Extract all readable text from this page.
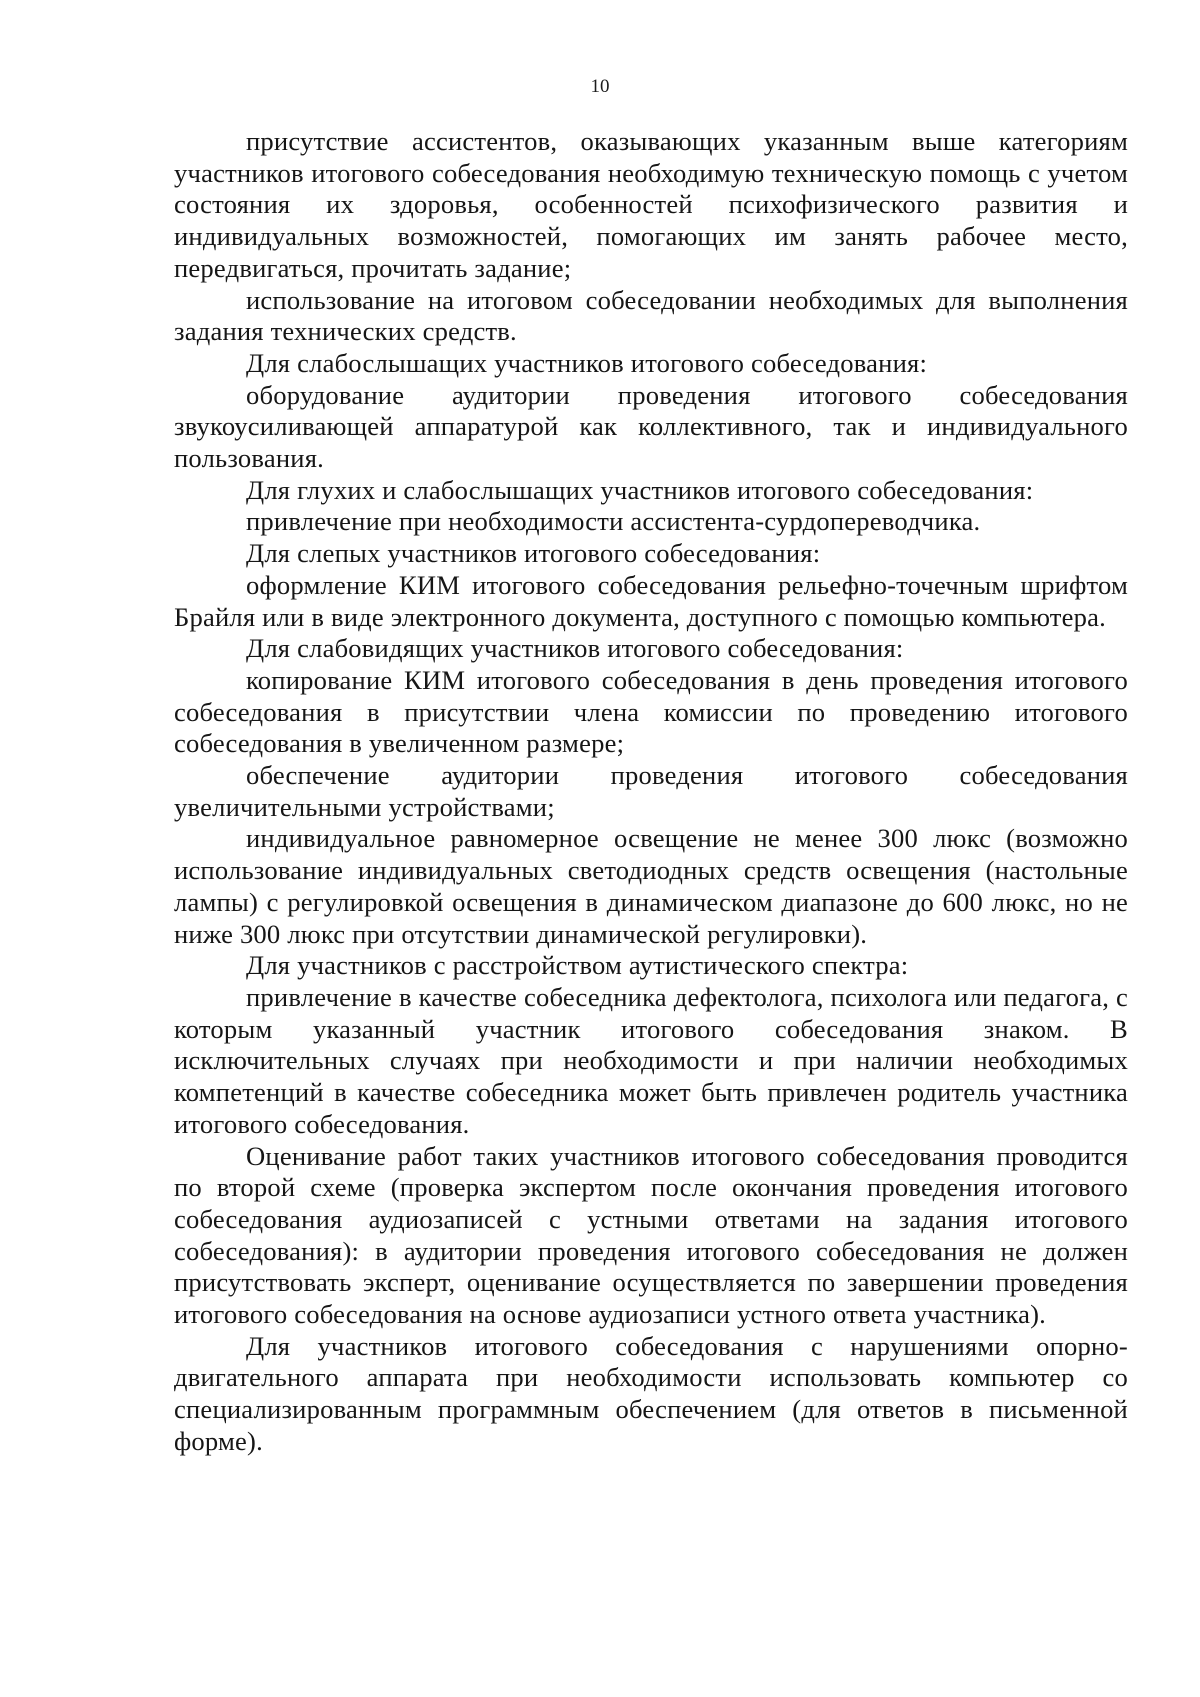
10

присутствие ассистентов, оказывающих указанным выше категориям участников итогового собеседования необходимую техническую помощь с учетом состояния их здоровья, особенностей психофизического развития и индивидуальных возможностей, помогающих им занять рабочее место, передвигаться, прочитать задание;

использование на итоговом собеседовании необходимых для выполнения задания технических средств.

Для слабослышащих участников итогового собеседования:

оборудование аудитории проведения итогового собеседования звукоусиливающей аппаратурой как коллективного, так и индивидуального пользования.

Для глухих и слабослышащих участников итогового собеседования:

привлечение при необходимости ассистента-сурдопереводчика.

Для слепых участников итогового собеседования:

оформление КИМ итогового собеседования рельефно-точечным шрифтом Брайля или в виде электронного документа, доступного с помощью компьютера.

Для слабовидящих участников итогового собеседования:

копирование КИМ итогового собеседования в день проведения итогового собеседования в присутствии члена комиссии по проведению итогового собеседования в увеличенном размере;

обеспечение аудитории проведения итогового собеседования увеличительными устройствами;

индивидуальное равномерное освещение не менее 300 люкс (возможно использование индивидуальных светодиодных средств освещения (настольные лампы) с регулировкой освещения в динамическом диапазоне до 600 люкс, но не ниже 300 люкс при отсутствии динамической регулировки).

Для участников с расстройством аутистического спектра:

привлечение в качестве собеседника дефектолога, психолога или педагога, с которым указанный участник итогового собеседования знаком. В исключительных случаях при необходимости и при наличии необходимых компетенций в качестве собеседника может быть привлечен родитель участника итогового собеседования.

Оценивание работ таких участников итогового собеседования проводится по второй схеме (проверка экспертом после окончания проведения итогового собеседования аудиозаписей с устными ответами на задания итогового собеседования): в аудитории проведения итогового собеседования не должен присутствовать эксперт, оценивание осуществляется по завершении проведения итогового собеседования на основе аудиозаписи устного ответа участника).

Для участников итогового собеседования с нарушениями опорно-двигательного аппарата при необходимости использовать компьютер со специализированным программным обеспечением (для ответов в письменной форме).
